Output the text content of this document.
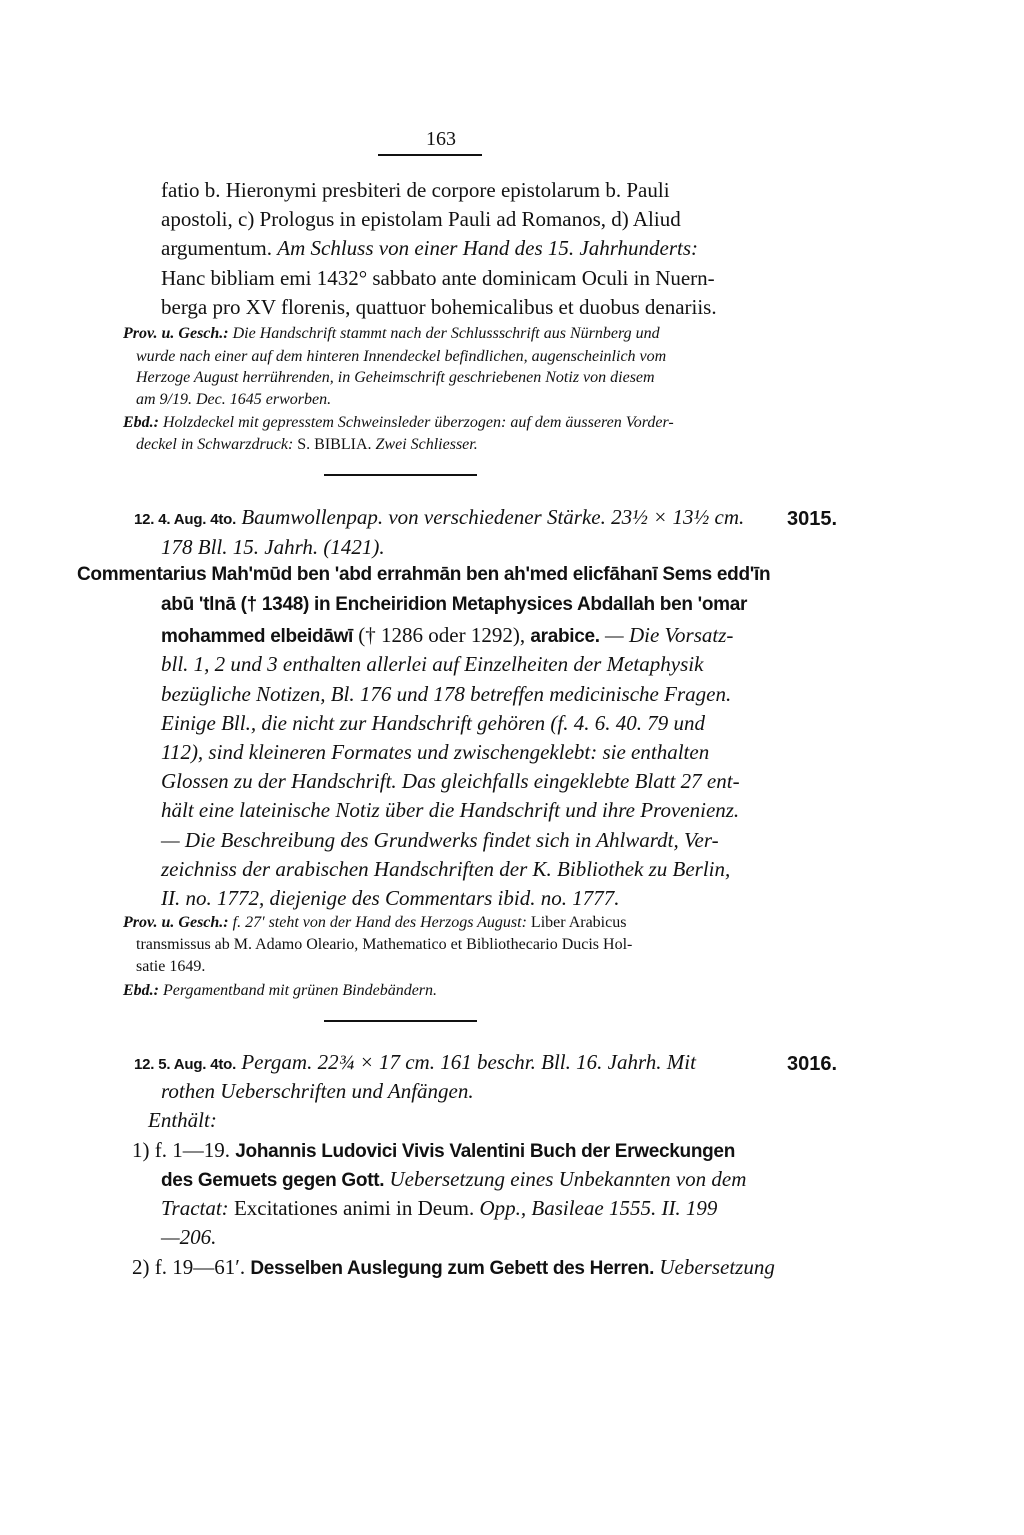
163
fatio b. Hieronymi presbiteri de corpore epistolarum b. Pauli
apostoli, c) Prologus in epistolam Pauli ad Romanos, d) Aliud
argumentum. Am Schluss von einer Hand des 15. Jahrhunderts:
Hanc bibliam emi 1432° sabbato ante dominicam Oculi in Nuern-
berga pro XV florenis, quattuor bohemicalibus et duobus denariis.
Prov. u. Gesch.: Die Handschrift stammt nach der Schlussschrift aus Nürnberg und
wurde nach einer auf dem hinteren Innendeckel befindlichen, augenscheinlich vom
Herzoge August herrührenden, in Geheimschrift geschriebenen Notiz von diesem
am 9/19. Dec. 1645 erworben.
Ebd.: Holzdeckel mit gepresstem Schweinsleder überzogen: auf dem äusseren Vorder-
deckel in Schwarzdruck: S. BIBLIA. Zwei Schliesser.
12. 4. Aug. 4to. Baumwollenpap. von verschiedener Stärke. 23½ × 13½ cm. 3015.
178 Bll. 15. Jahrh. (1421).
Commentarius Mah'mūd ben 'abd errahmān ben ah'med elicfāhanī Sems edd'īn
abū 'tlnā († 1348) in Encheiridion Metaphysices Abdallah ben 'omar
mohammed elbeidāwī († 1286 oder 1292), arabice. — Die Vorsatz-
bll. 1, 2 und 3 enthalten allerlei auf Einzelheiten der Metaphysik
bezügliche Notizen, Bl. 176 und 178 betreffen medicinische Fragen.
Einige Bll., die nicht zur Handschrift gehören (f. 4. 6. 40. 79 und
112), sind kleineren Formates und zwischengeklebt: sie enthalten
Glossen zu der Handschrift. Das gleichfalls eingeklebte Blatt 27 ent-
hält eine lateinische Notiz über die Handschrift und ihre Provenienz.
— Die Beschreibung des Grundwerks findet sich in Ahlwardt, Ver-
zeichniss der arabischen Handschriften der K. Bibliothek zu Berlin,
II. no. 1772, diejenige des Commentars ibid. no. 1777.
Prov. u. Gesch.: f. 27′ steht von der Hand des Herzogs August: Liber Arabicus
transmissus ab M. Adamo Oleario, Mathematico et Bibliothecario Ducis Hol-
satie 1649.
Ebd.: Pergamentband mit grünen Bindebändern.
12. 5. Aug. 4to. Pergam. 22¾ × 17 cm. 161 beschr. Bll. 16. Jahrh. Mit	3016.
rothen Ueberschriften und Anfängen.
Enthält:
1) f. 1—19. Johannis Ludovici Vivis Valentini Buch der Erweckungen
des Gemuets gegen Gott. Uebersetzung eines Unbekannten von dem
Tractat: Excitationes animi in Deum. Opp., Basileae 1555. II. 199
—206.
2) f. 19—61′. Desselben Auslegung zum Gebett des Herren. Uebersetzung
